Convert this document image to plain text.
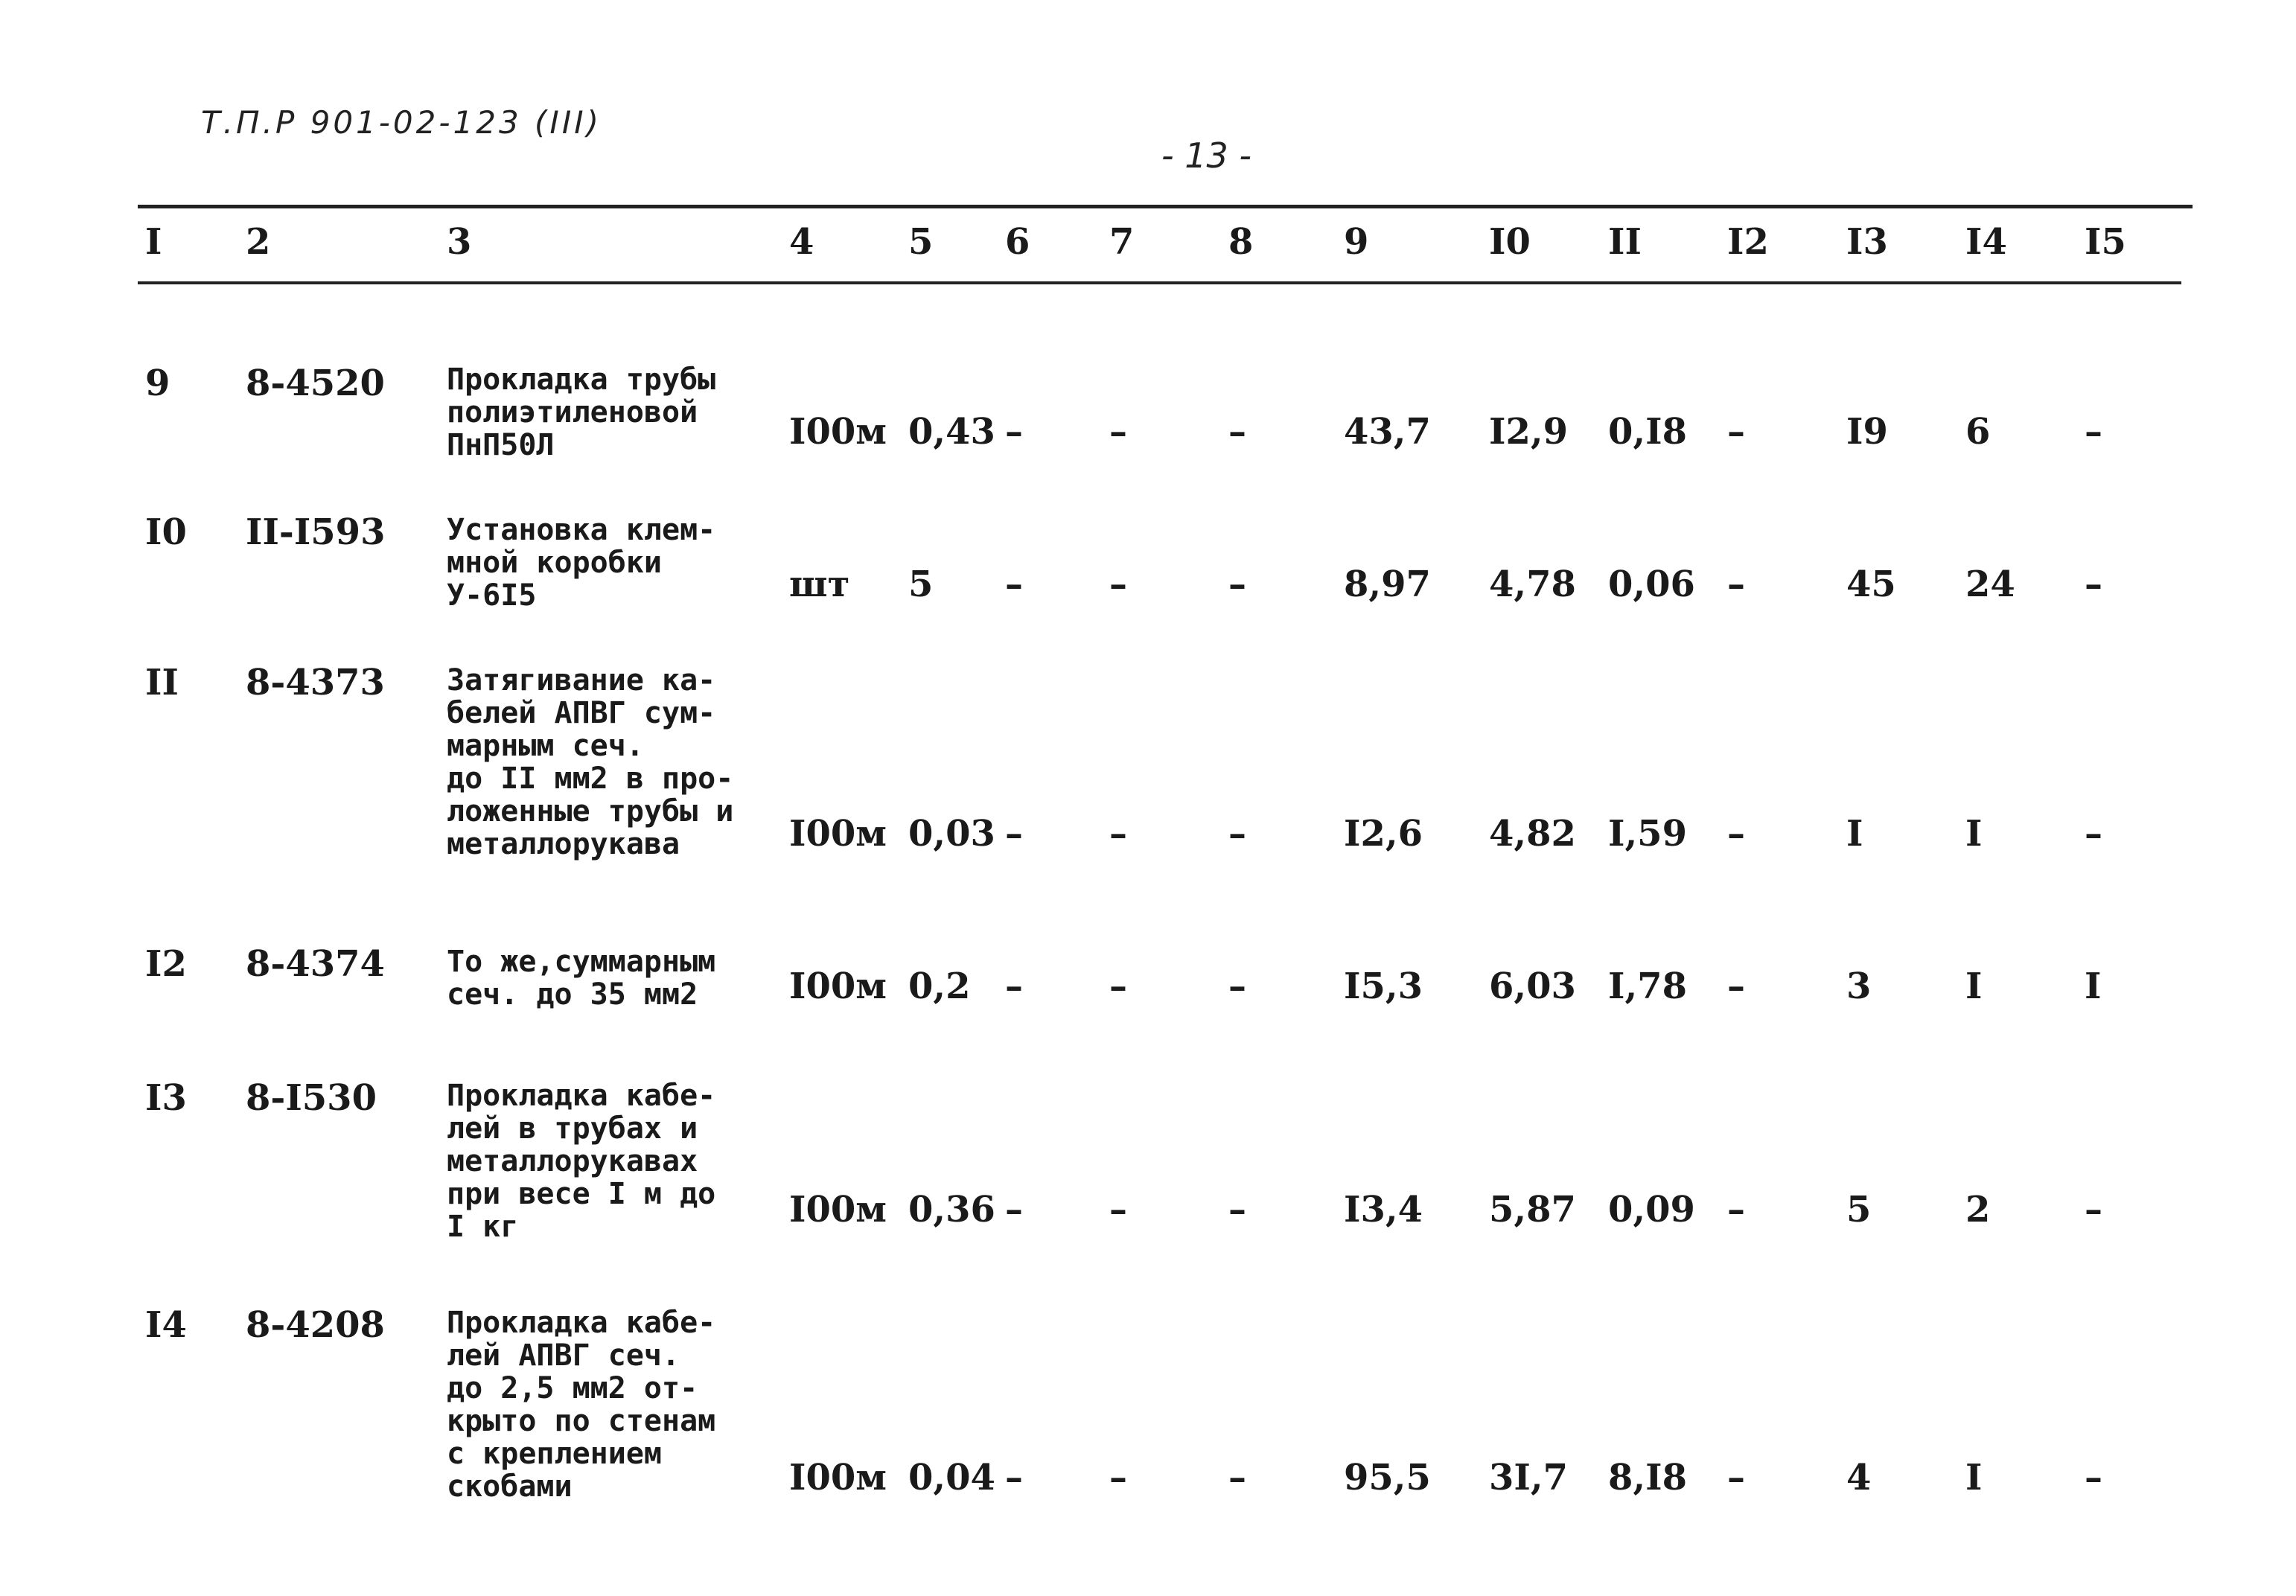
Т.П.Р 901-02-123 (III)
- 13 -
I 2	3	4	5 6 7	8	9	I0 II I2 I3 I4 I5
9 8-4520 Прокладка трубы
полиэтиленовой
ПнП50Л	I00м 0,43 – –	–	43,7 I2,9 0,I8 –	I9 6	–
I0 II-I593 Установка клем-
мной коробки
У-6I5	шт 5 – –	–	8,97 4,78 0,06 –	45 24 –
II 8-4373 Затягивание ка-
белей АПВГ сум-
марным сеч.
до II мм2 в про-
ложенные трубы и
металлорукава	I00м 0,03 – –	–	I2,6 4,82 I,59 –	I	I	–
I2 8-4374 То же,суммарным
сеч. до 35 мм2	I00м 0,2 – –	–	I5,3 6,03 I,78 –	3	I	I
I3 8-I530 Прокладка кабе-
лей в трубах и
металлорукавах
при весе I м до
I кг	I00м 0,36 – –	–	I3,4 5,87 0,09 –	5	2	–
I4 8-4208 Прокладка кабе-
лей АПВГ сеч.
до 2,5 мм2 от-
крыто по стенам
с креплением
скобами	I00м 0,04 – –	–	95,5 3I,7 8,I8 –	4	I	–
